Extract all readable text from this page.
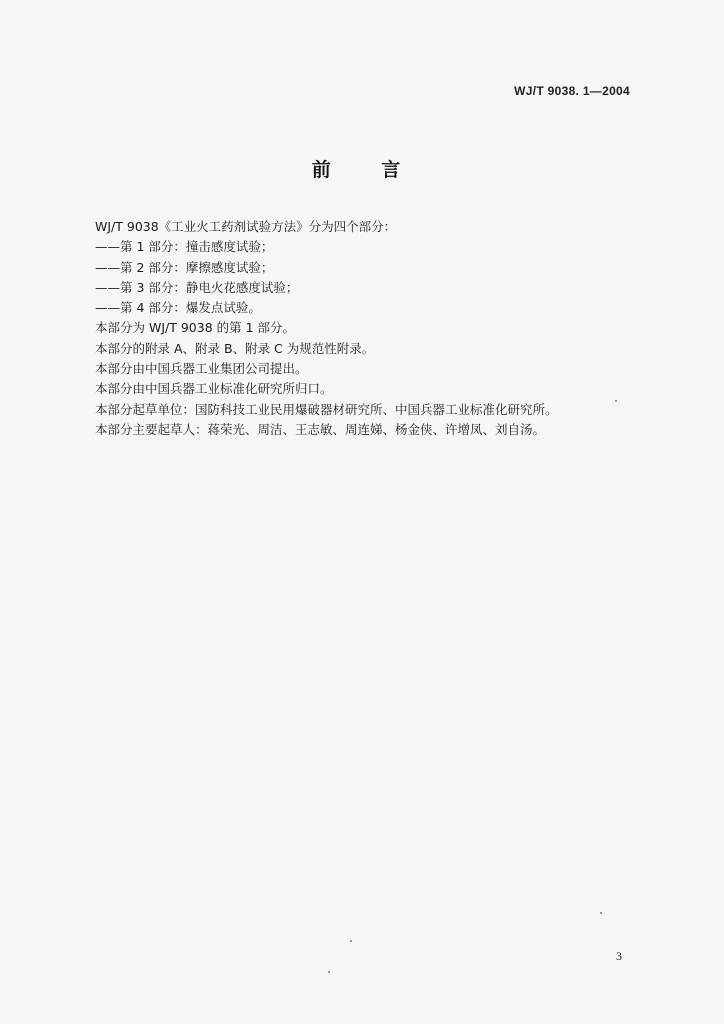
WJ/T 9038. 1—2004
前 言
WJ/T 9038《工业火工药剂试验方法》分为四个部分：
——第 1 部分：撞击感度试验；
——第 2 部分：摩擦感度试验；
——第 3 部分：静电火花感度试验；
——第 4 部分：爆发点试验。
本部分为 WJ/T 9038 的第 1 部分。
本部分的附录 A、附录 B、附录 C 为规范性附录。
本部分由中国兵器工业集团公司提出。
本部分由中国兵器工业标准化研究所归口。
本部分起草单位：国防科技工业民用爆破器材研究所、中国兵器工业标准化研究所。
本部分主要起草人：蒋荣光、周洁、王志敏、周连娣、杨金侠、许增凤、刘自汤。
3
